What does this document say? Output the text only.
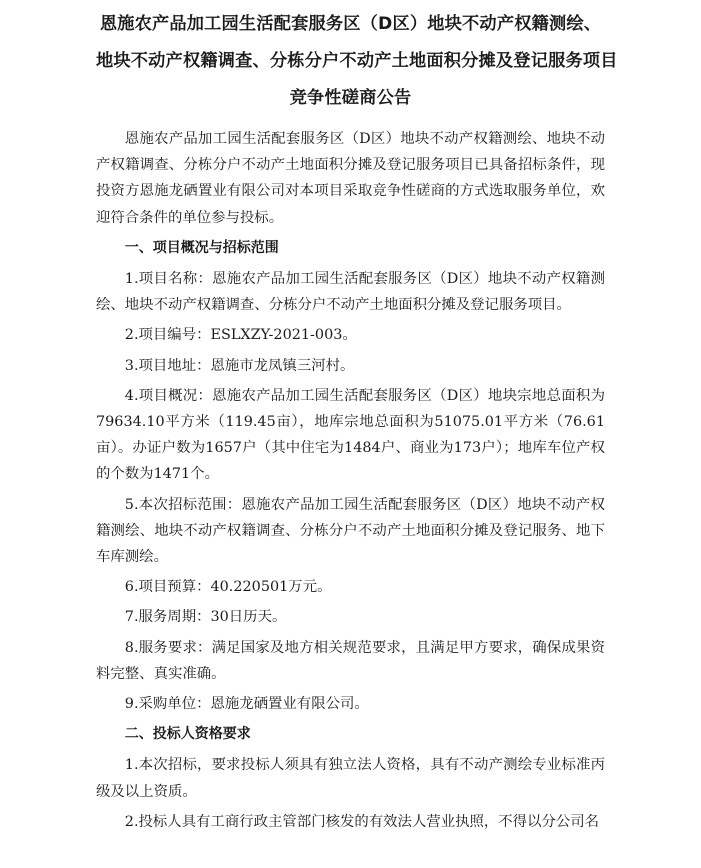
恩施农产品加工园生活配套服务区（D区）地块不动产权籍测绘、
地块不动产权籍调查、分栋分户不动产土地面积分摊及登记服务项目
竞争性磋商公告

恩施农产品加工园生活配套服务区（D区）地块不动产权籍测绘、地块不动产权籍调查、分栋分户不动产土地面积分摊及登记服务项目已具备招标条件，现投资方恩施龙硒置业有限公司对本项目采取竞争性磋商的方式选取服务单位，欢迎符合条件的单位参与投标。

一、项目概况与招标范围

1.项目名称：恩施农产品加工园生活配套服务区（D区）地块不动产权籍测绘、地块不动产权籍调查、分栋分户不动产土地面积分摊及登记服务项目。

2.项目编号：ESLXZY-2021-003。

3.项目地址：恩施市龙凤镇三河村。

4.项目概况：恩施农产品加工园生活配套服务区（D区）地块宗地总面积为79634.10平方米（119.45亩），地库宗地总面积为51075.01平方米（76.61亩）。办证户数为1657户（其中住宅为1484户、商业为173户）；地库车位产权的个数为1471个。

5.本次招标范围：恩施农产品加工园生活配套服务区（D区）地块不动产权籍测绘、地块不动产权籍调查、分栋分户不动产土地面积分摊及登记服务、地下车库测绘。

6.项目预算：40.220501万元。

7.服务周期：30日历天。

8.服务要求：满足国家及地方相关规范要求，且满足甲方要求，确保成果资料完整、真实准确。

9.采购单位：恩施龙硒置业有限公司。

二、投标人资格要求

1.本次招标，要求投标人须具有独立法人资格，具有不动产测绘专业标准丙级及以上资质。

2.投标人具有工商行政主管部门核发的有效法人营业执照，不得以分公司名
